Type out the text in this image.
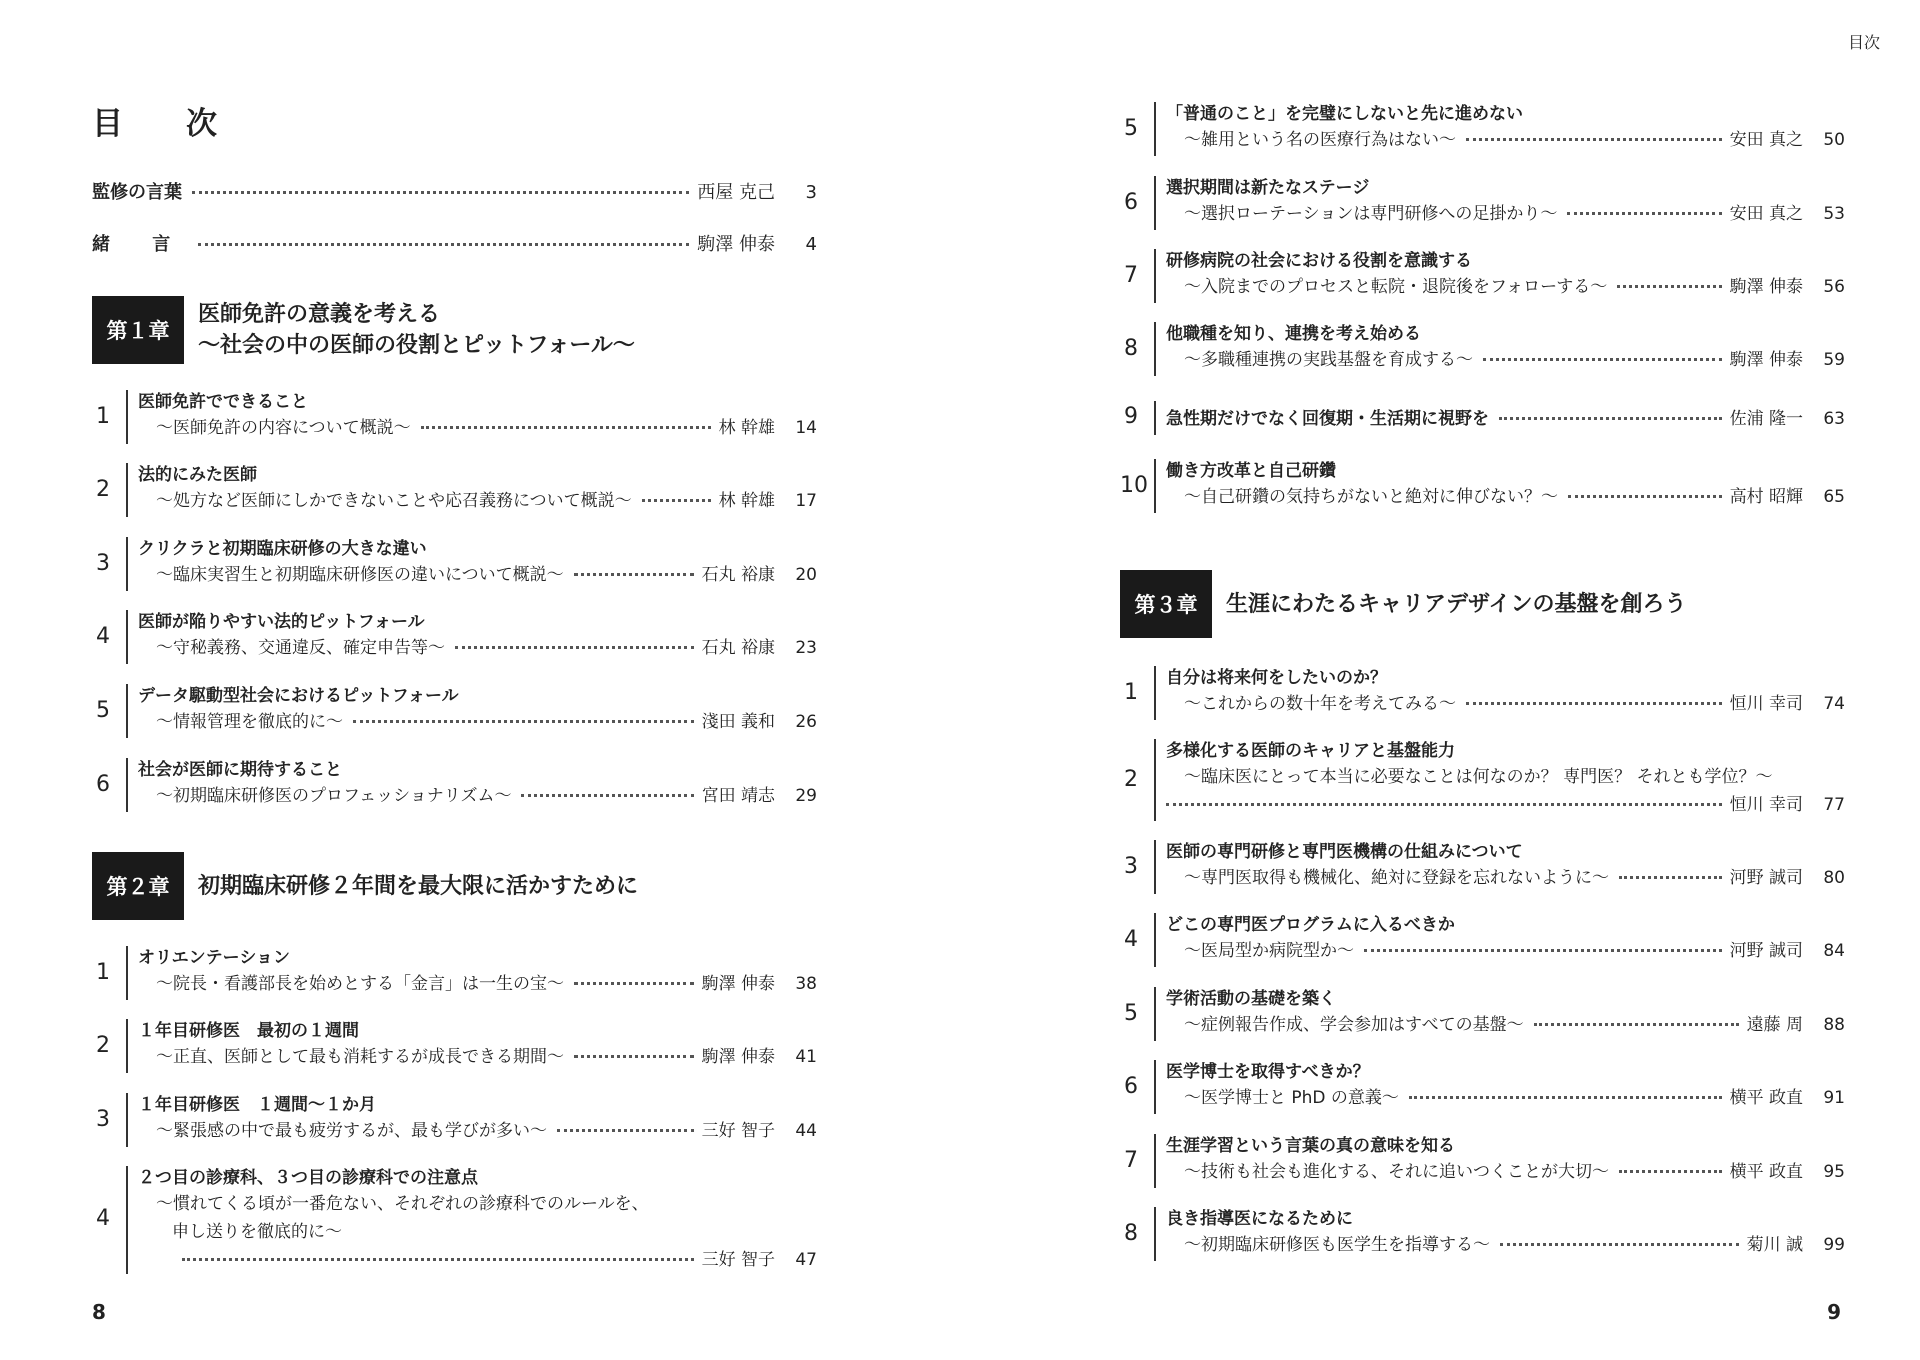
目　次
監修の言葉	西屋 克己	3
緒 言	駒澤 伸泰	4
第１章
医師免許の意義を考える
〜社会の中の医師の役割とピットフォール〜
1
医師免許でできること
〜医師免許の内容について概説〜	林 幹雄	14
2
法的にみた医師
〜処方など医師にしかできないことや応召義務について概説〜	林 幹雄	17
3
クリクラと初期臨床研修の大きな違い
〜臨床実習生と初期臨床研修医の違いについて概説〜	石丸 裕康	20
4
医師が陥りやすい法的ピットフォール
〜守秘義務、交通違反、確定申告等〜	石丸 裕康	23
5
データ駆動型社会におけるピットフォール
〜情報管理を徹底的に〜	淺田 義和	26
6
社会が医師に期待すること
〜初期臨床研修医のプロフェッショナリズム〜	宮田 靖志	29
第２章	初期臨床研修２年間を最大限に活かすために
1
オリエンテーション
〜院長・看護部長を始めとする「金言」は一生の宝〜	駒澤 伸泰	38
2
１年目研修医　最初の１週間
〜正直、医師として最も消耗するが成長できる期間〜	駒澤 伸泰	41
3
１年目研修医　１週間〜１か月
〜緊張感の中で最も疲労するが、最も学びが多い〜	三好 智子	44
4
２つ目の診療科、３つ目の診療科での注意点
〜慣れてくる頃が一番危ない、それぞれの診療科でのルールを、
申し送りを徹底的に〜
三好 智子	47
8
目次
5
「普通のこと」を完璧にしないと先に進めない
〜雑用という名の医療行為はない〜	安田 真之	50
6
選択期間は新たなステージ
〜選択ローテーションは専門研修への足掛かり〜	安田 真之	53
7
研修病院の社会における役割を意識する
〜入院までのプロセスと転院・退院後をフォローする〜	駒澤 伸泰	56
8
他職種を知り、連携を考え始める
〜多職種連携の実践基盤を育成する〜	駒澤 伸泰	59
9 急性期だけでなく回復期・生活期に視野を	佐浦 隆一	63
10
働き方改革と自己研鑽
〜自己研鑽の気持ちがないと絶対に伸びない？〜	高村 昭輝	65
第３章	生涯にわたるキャリアデザインの基盤を創ろう
1
自分は将来何をしたいのか？
〜これからの数十年を考えてみる〜	恒川 幸司	74
2
多様化する医師のキャリアと基盤能力
〜臨床医にとって本当に必要なことは何なのか？ 専門医？ それとも学位？〜
恒川 幸司	77
3
医師の専門研修と専門医機構の仕組みについて
〜専門医取得も機械化、絶対に登録を忘れないように〜	河野 誠司	80
4
どこの専門医プログラムに入るべきか
〜医局型か病院型か〜	河野 誠司	84
5
学術活動の基礎を築く
〜症例報告作成、学会参加はすべての基盤〜	遠藤 周	88
6
医学博士を取得すべきか？
〜医学博士と PhD の意義〜	横平 政直	91
7
生涯学習という言葉の真の意味を知る
〜技術も社会も進化する、それに追いつくことが大切〜	横平 政直	95
8
良き指導医になるために
〜初期臨床研修医も医学生を指導する〜	菊川 誠	99
9
